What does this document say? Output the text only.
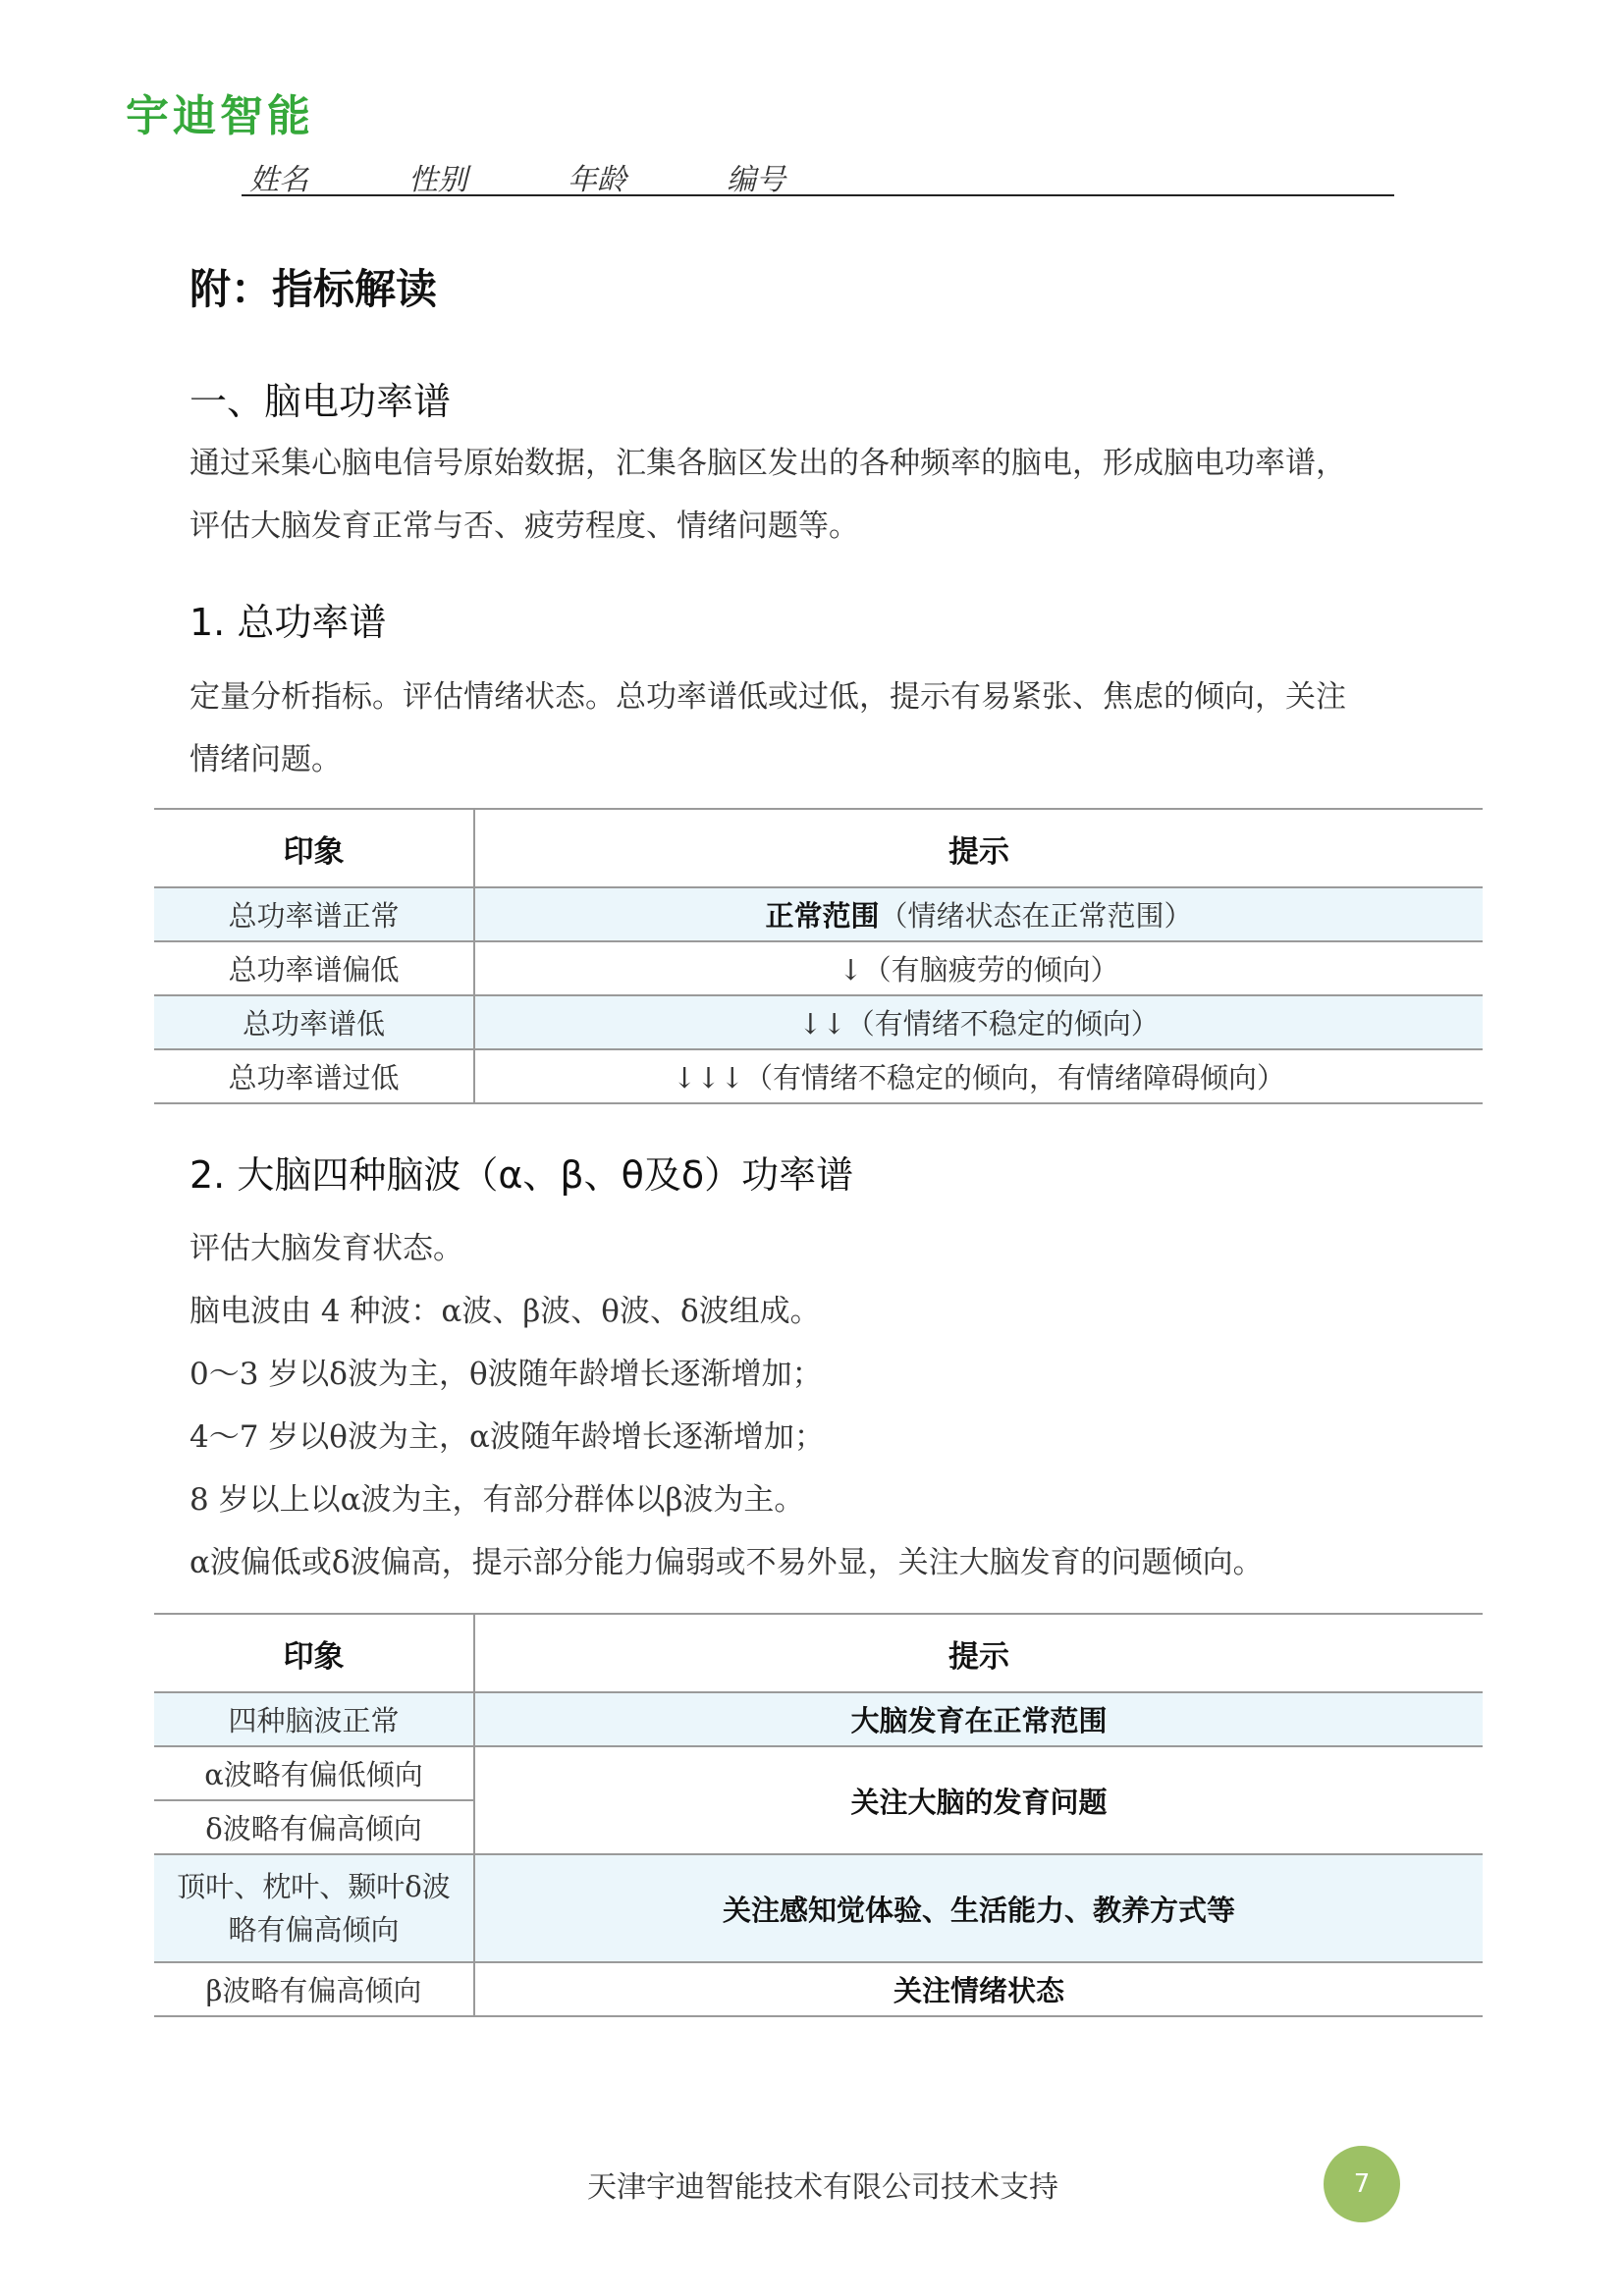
宇迪智能
姓名	性别	年龄	编号
附：指标解读
一、脑电功率谱
通过采集心脑电信号原始数据，汇集各脑区发出的各种频率的脑电，形成脑电功率谱，
评估大脑发育正常与否、疲劳程度、情绪问题等。
1. 总功率谱
定量分析指标。评估情绪状态。总功率谱低或过低，提示有易紧张、焦虑的倾向，关注
情绪问题。
印象	提示
总功率谱正常	正常范围（情绪状态在正常范围）
总功率谱偏低	↓（有脑疲劳的倾向）
总功率谱低	↓↓（有情绪不稳定的倾向）
总功率谱过低	↓↓↓（有情绪不稳定的倾向，有情绪障碍倾向）
2. 大脑四种脑波（α、β、θ及δ）功率谱
评估大脑发育状态。
脑电波由 4 种波：α波、β波、θ波、δ波组成。
0～3 岁以δ波为主，θ波随年龄增长逐渐增加；
4～7 岁以θ波为主，α波随年龄增长逐渐增加；
8 岁以上以α波为主，有部分群体以β波为主。
α波偏低或δ波偏高，提示部分能力偏弱或不易外显，关注大脑发育的问题倾向。
印象	提示
四种脑波正常	大脑发育在正常范围
α波略有偏低倾向	关注大脑的发育问题
δ波略有偏高倾向	

顶叶、枕叶、颞叶δ波
略有偏高倾向	关注感知觉体验、生活能力、教养方式等
β波略有偏高倾向	关注情绪状态
天津宇迪智能技术有限公司技术支持	7
